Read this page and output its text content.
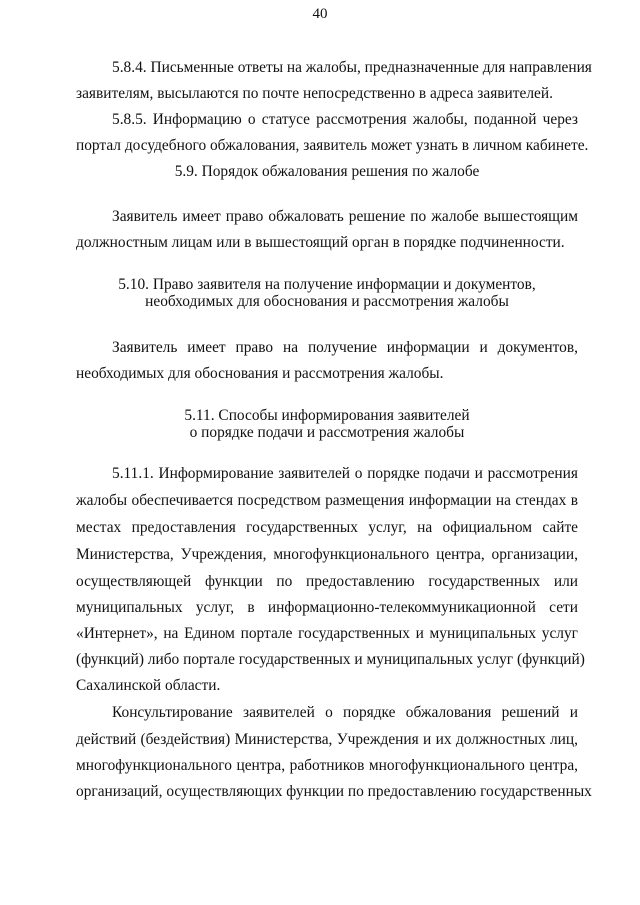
40
5.8.4. Письменные ответы на жалобы, предназначенные для направления
заявителям, высылаются по почте непосредственно в адреса заявителей.
5.8.5. Информацию о статусе рассмотрения жалобы, поданной через
портал досудебного обжалования, заявитель может узнать в личном кабинете.
5.9. Порядок обжалования решения по жалобе
Заявитель имеет право обжаловать решение по жалобе вышестоящим
должностным лицам или в вышестоящий орган в порядке подчиненности.
5.10. Право заявителя на получение информации и документов,
необходимых для обоснования и рассмотрения жалобы
Заявитель имеет право на получение информации и документов,
необходимых для обоснования и рассмотрения жалобы.
5.11. Способы информирования заявителей
о порядке подачи и рассмотрения жалобы
5.11.1. Информирование заявителей о порядке подачи и рассмотрения
жалобы обеспечивается посредством размещения информации на стендах в
местах предоставления государственных услуг, на официальном сайте
Министерства, Учреждения, многофункционального центра, организации,
осуществляющей функции по предоставлению государственных или
муниципальных услуг, в информационно-телекоммуникационной сети
«Интернет», на Едином портале государственных и муниципальных услуг
(функций) либо портале государственных и муниципальных услуг (функций)
Сахалинской области.
Консультирование заявителей о порядке обжалования решений и
действий (бездействия) Министерства, Учреждения и их должностных лиц,
многофункционального центра, работников многофункционального центра,
организаций, осуществляющих функции по предоставлению государственных
